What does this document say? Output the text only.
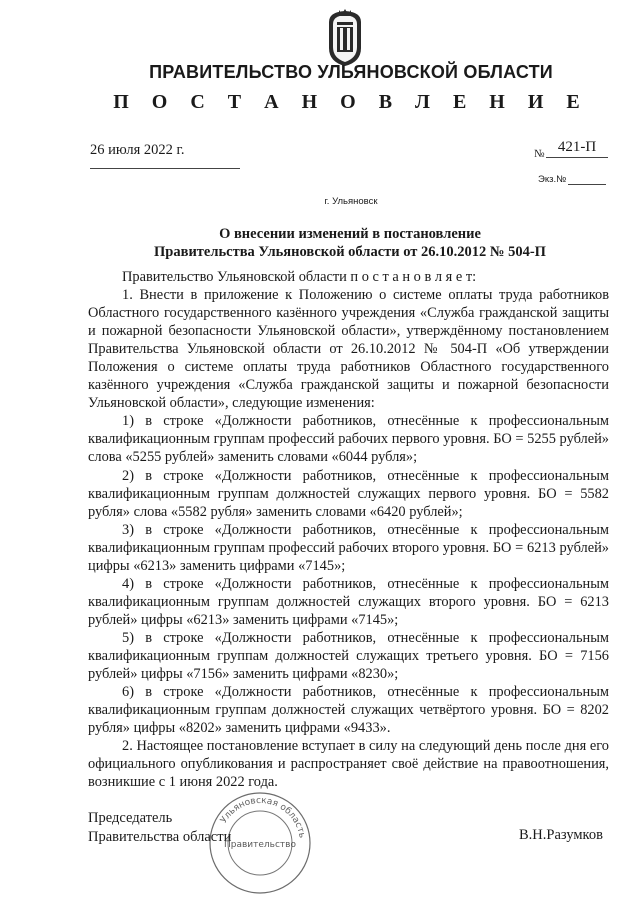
ПРАВИТЕЛЬСТВО УЛЬЯНОВСКОЙ ОБЛАСТИ
П О С Т А Н О В Л Е Н И Е
26 июля 2022 г.	№ 421-П
Экз.№
г. Ульяновск
О внесении изменений в постановление
Правительства Ульяновской области от 26.10.2012 № 504-П

Правительство Ульяновской области п о с т а н о в л я е т:

1. Внести в приложение к Положению о системе оплаты труда работников Областного государственного казённого учреждения «Служба гражданской защиты и пожарной безопасности Ульяновской области», утверждённому постановлением Правительства Ульяновской области от 26.10.2012 № 504-П «Об утверждении Положения о системе оплаты труда работников Областного государственного казённого учреждения «Служба гражданской защиты и пожарной безопасности Ульяновской области», следующие изменения:

1) в строке «Должности работников, отнесённые к профессиональным квалификационным группам профессий рабочих первого уровня. БО = 5255 рублей» слова «5255 рублей» заменить словами «6044 рубля»;

2) в строке «Должности работников, отнесённые к профессиональным квалификационным группам должностей служащих первого уровня. БО = 5582 рубля» слова «5582 рубля» заменить словами «6420 рублей»;

3) в строке «Должности работников, отнесённые к профессиональным квалификационным группам профессий рабочих второго уровня. БО = 6213 рублей» цифры «6213» заменить цифрами «7145»;

4) в строке «Должности работников, отнесённые к профессиональным квалификационным группам должностей служащих второго уровня. БО = 6213 рублей» цифры «6213» заменить цифрами «7145»;

5) в строке «Должности работников, отнесённые к профессиональным квалификационным группам должностей служащих третьего уровня. БО = 7156 рублей» цифры «7156» заменить цифрами «8230»;

6) в строке «Должности работников, отнесённые к профессиональным квалификационным группам должностей служащих четвёртого уровня. БО = 8202 рубля» цифры «8202» заменить цифрами «9433».

2. Настоящее постановление вступает в силу на следующий день после дня его официального опубликования и распространяет своё действие на правоотношения, возникшие с 1 июня 2022 года.

Председатель
Правительства области
Ульяновская область
Правительство
В.Н.Разумков
